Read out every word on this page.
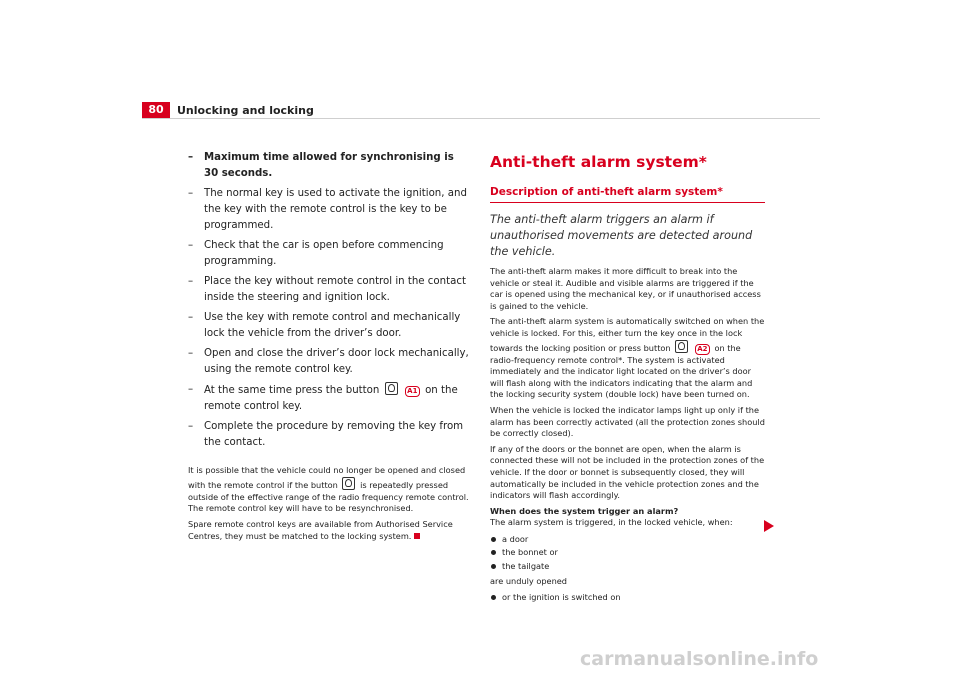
80	Unlocking and locking
– Maximum time allowed for synchronising is 30 seconds.
– The normal key is used to activate the ignition, and the key with the remote control is the key to be programmed.
– Check that the car is open before commencing programming.
– Place the key without remote control in the contact inside the steering and ignition lock.
– Use the key with remote control and mechanically lock the vehicle from the driver’s door.
– Open and close the driver’s door lock mechanically, using the remote control key.
– At the same time press the button	A1 on the remote control key.
– Complete the procedure by removing the key from the contact.

It is possible that the vehicle could no longer be opened and closed with the remote control if the button	is repeatedly pressed outside of the effective range of the radio frequency remote control. The remote control key will have to be resynchronised.

Spare remote control keys are available from Authorised Service Centres, they must be matched to the locking system.

Anti-theft alarm system*
Description of anti-theft alarm system*
The anti-theft alarm triggers an alarm if unauthorised movements are detected around the vehicle.

The anti-theft alarm makes it more difficult to break into the vehicle or steal it. Audible and visible alarms are triggered if the car is opened using the mechanical key, or if unauthorised access is gained to the vehicle.

The anti-theft alarm system is automatically switched on when the vehicle is locked. For this, either turn the key once in the lock towards the locking position or press button	A2 on the radio-frequency remote control*. The system is activated immediately and the indicator light located on the driver’s door will flash along with the indicators indicating that the alarm and the locking security system (double lock) have been turned on.

When the vehicle is locked the indicator lamps light up only if the alarm has been correctly activated (all the protection zones should be correctly closed).

If any of the doors or the bonnet are open, when the alarm is connected these will not be included in the protection zones of the vehicle. If the door or bonnet is subsequently closed, they will automatically be included in the vehicle protection zones and the indicators will flash accordingly.

When does the system trigger an alarm?

The alarm system is triggered, in the locked vehicle, when:

a door
the bonnet or
the tailgate

are unduly opened

or the ignition is switched on
carmanualsonline.info
